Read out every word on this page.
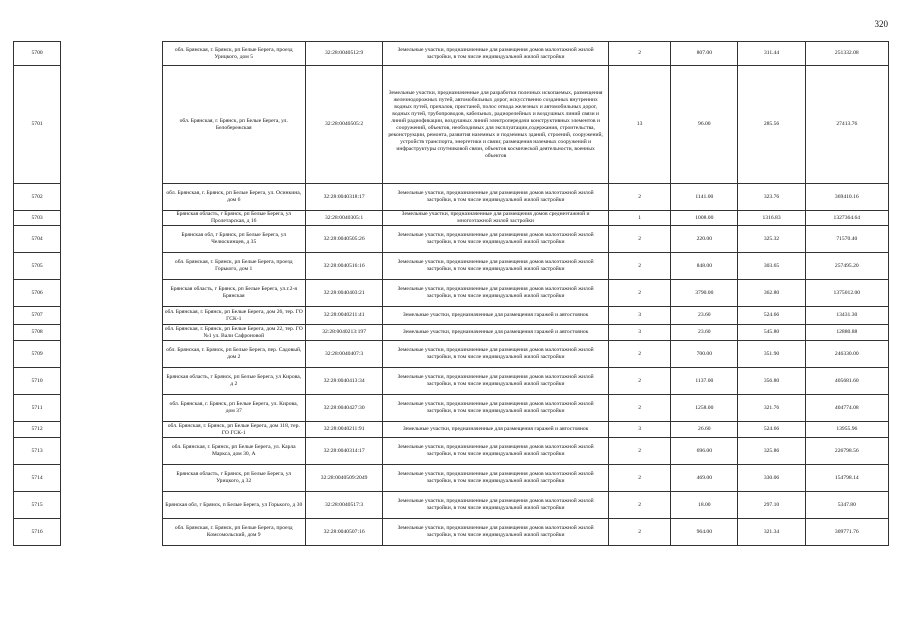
320
5700		обл. Брянская, г. Брянск, рп Белые Берега, проезд Урицкого, дом 5	32:28:0040512:9	Земельные участки, предназначенные для размещения домов малоэтажной жилой застройки, в том числе индивидуальной жилой застройки	2	807.00	311.44	251332.08
5701		обл. Брянская, г. Брянск, рп Белые Берега, ул. Белобережская	32:28:0040505:2	Земельные участки, предназначенные для разработки полезных ископаемых, размещения железнодорожных путей, автомобильных дорог, искусственно созданных внутренних водных путей, причалов, пристаней, полос отвода железных и автомобильных дорог, водных путей, трубопроводов, кабельных, радиорелейных и воздушных линий связи и линий радиофикации, воздушных линий электропередачи конструктивных элементов и сооружений, объектов, необходимых для эксплуатации,содержания, строительства, реконструкции, ремонта, развития наземных и подземных зданий, строений, сооружений, устройств транспорта, энергетики и связи; размещения наземных сооружений и инфраструктуры спутниковой связи, объектов космической деятельности, военных объектов	13	96.00	285.56	27413.76
5702		обл. Брянская, г. Брянск, рп Белые Берега, ул. Осинкина, дом 6	32:28:0040318:17	Земельные участки, предназначенные для размещения домов малоэтажной жилой застройки, в том числе индивидуальной жилой застройки	2	1141.00	323.76	369410.16
5703		Брянская область, г Брянск, рп Белые Берега, ул Пролетарская, д 16	32:28:0040305:1	Земельные участки, предназначенные для размещения домов среднеэтажной и многоэтажной жилой застройки	1	1008.00	1316.83	1327364.64
5704		Брянская обл, г Брянск, рп Белые Берега, ул Челюскинцев, д 35	32:28:0040505:26	Земельные участки, предназначенные для размещения домов малоэтажной жилой застройки, в том числе индивидуальной жилой застройки	2	220.00	325.32	71570.40
5705		обл. Брянская, г. Брянск, рп Белые Берега, проезд Горького, дом 1	32:28:0040516:16	Земельные участки, предназначенные для размещения домов малоэтажной жилой застройки, в том числе индивидуальной жилой застройки	2	848.00	303.65	257495.20
5706		Брянская область, г Брянск, рп Белые Берега, ул.г.2-я Брянская	32:28:0040403:21	Земельные участки, предназначенные для размещения домов малоэтажной жилой застройки, в том числе индивидуальной жилой застройки	2	3790.00	362.80	1375012.00
5707		обл. Брянская, г. Брянск, рп Белые Берега, дом 26, тер. ГО ГСК-1	32:28:0040211:41	Земельные участки, предназначенные для размещения гаражей и автостоянок	3	23.60	524.66	13431.30
5708		обл. Брянская, г. Брянск, рп Белые Берега, дом 22, тер. ГО №1 ул. Вали Сафроновой	32:28:0040213:197	Земельные участки, предназначенные для размещения гаражей и автостоянок	3	23.60	545.80	12880.88
5709		обл. Брянская, г. Брянск, рп Белые Берега, пер. Садовый, дом 2	32:28:0040407:3	Земельные участки, предназначенные для размещения домов малоэтажной жилой застройки, в том числе индивидуальной жилой застройки	2	700.00	351.90	246330.00
5710		Брянская область, г Брянск, рп Белые Берега, ул Кирова, д 2	32:28:0040413:34	Земельные участки, предназначенные для размещения домов малоэтажной жилой застройки, в том числе индивидуальной жилой застройки	2	1137.00	356.80	405681.60
5711		обл. Брянская, г. Брянск, рп Белые Берега, ул. Кирова, дом 37	32:28:0040427:30	Земельные участки, предназначенные для размещения домов малоэтажной жилой застройки, в том числе индивидуальной жилой застройки	2	1258.00	321.76	404774.08
5712		обл. Брянская, г. Брянск, рп Белые Берега, дом 118, тер. ГО ГСК-1	32:28:0040211:91	Земельные участки, предназначенные для размещения гаражей и автостоянок	3	26.60	524.66	13955.96
5713		обл. Брянская, г. Брянск, рп Белые Берега, ул. Карла Маркса, дом 30, А	32:28:0040314:17	Земельные участки, предназначенные для размещения домов малоэтажной жилой застройки, в том числе индивидуальной жилой застройки	2	696.00	325.86	226798.56
5714		Брянская область, г Брянск, рп Белые Берега, ул Урицкого, д 32	32:28:0040509:2049	Земельные участки, предназначенные для размещения домов малоэтажной жилой застройки, в том числе индивидуальной жилой застройки	2	469.00	330.06	154798.14
5715		Брянская обл, г Брянск, п Белые Берега, ул Горького, д 30	32:28:0040517:3	Земельные участки, предназначенные для размещения домов малоэтажной жилой застройки, в том числе индивидуальной жилой застройки	2	18.00	297.10	5347.80
5716		обл. Брянская, г. Брянск, рп Белые Берега, проезд Комсомольский, дом 9	32:28:0040507:16	Земельные участки, предназначенные для размещения домов малоэтажной жилой застройки, в том числе индивидуальной жилой застройки	2	964.00	321.34	309771.76
